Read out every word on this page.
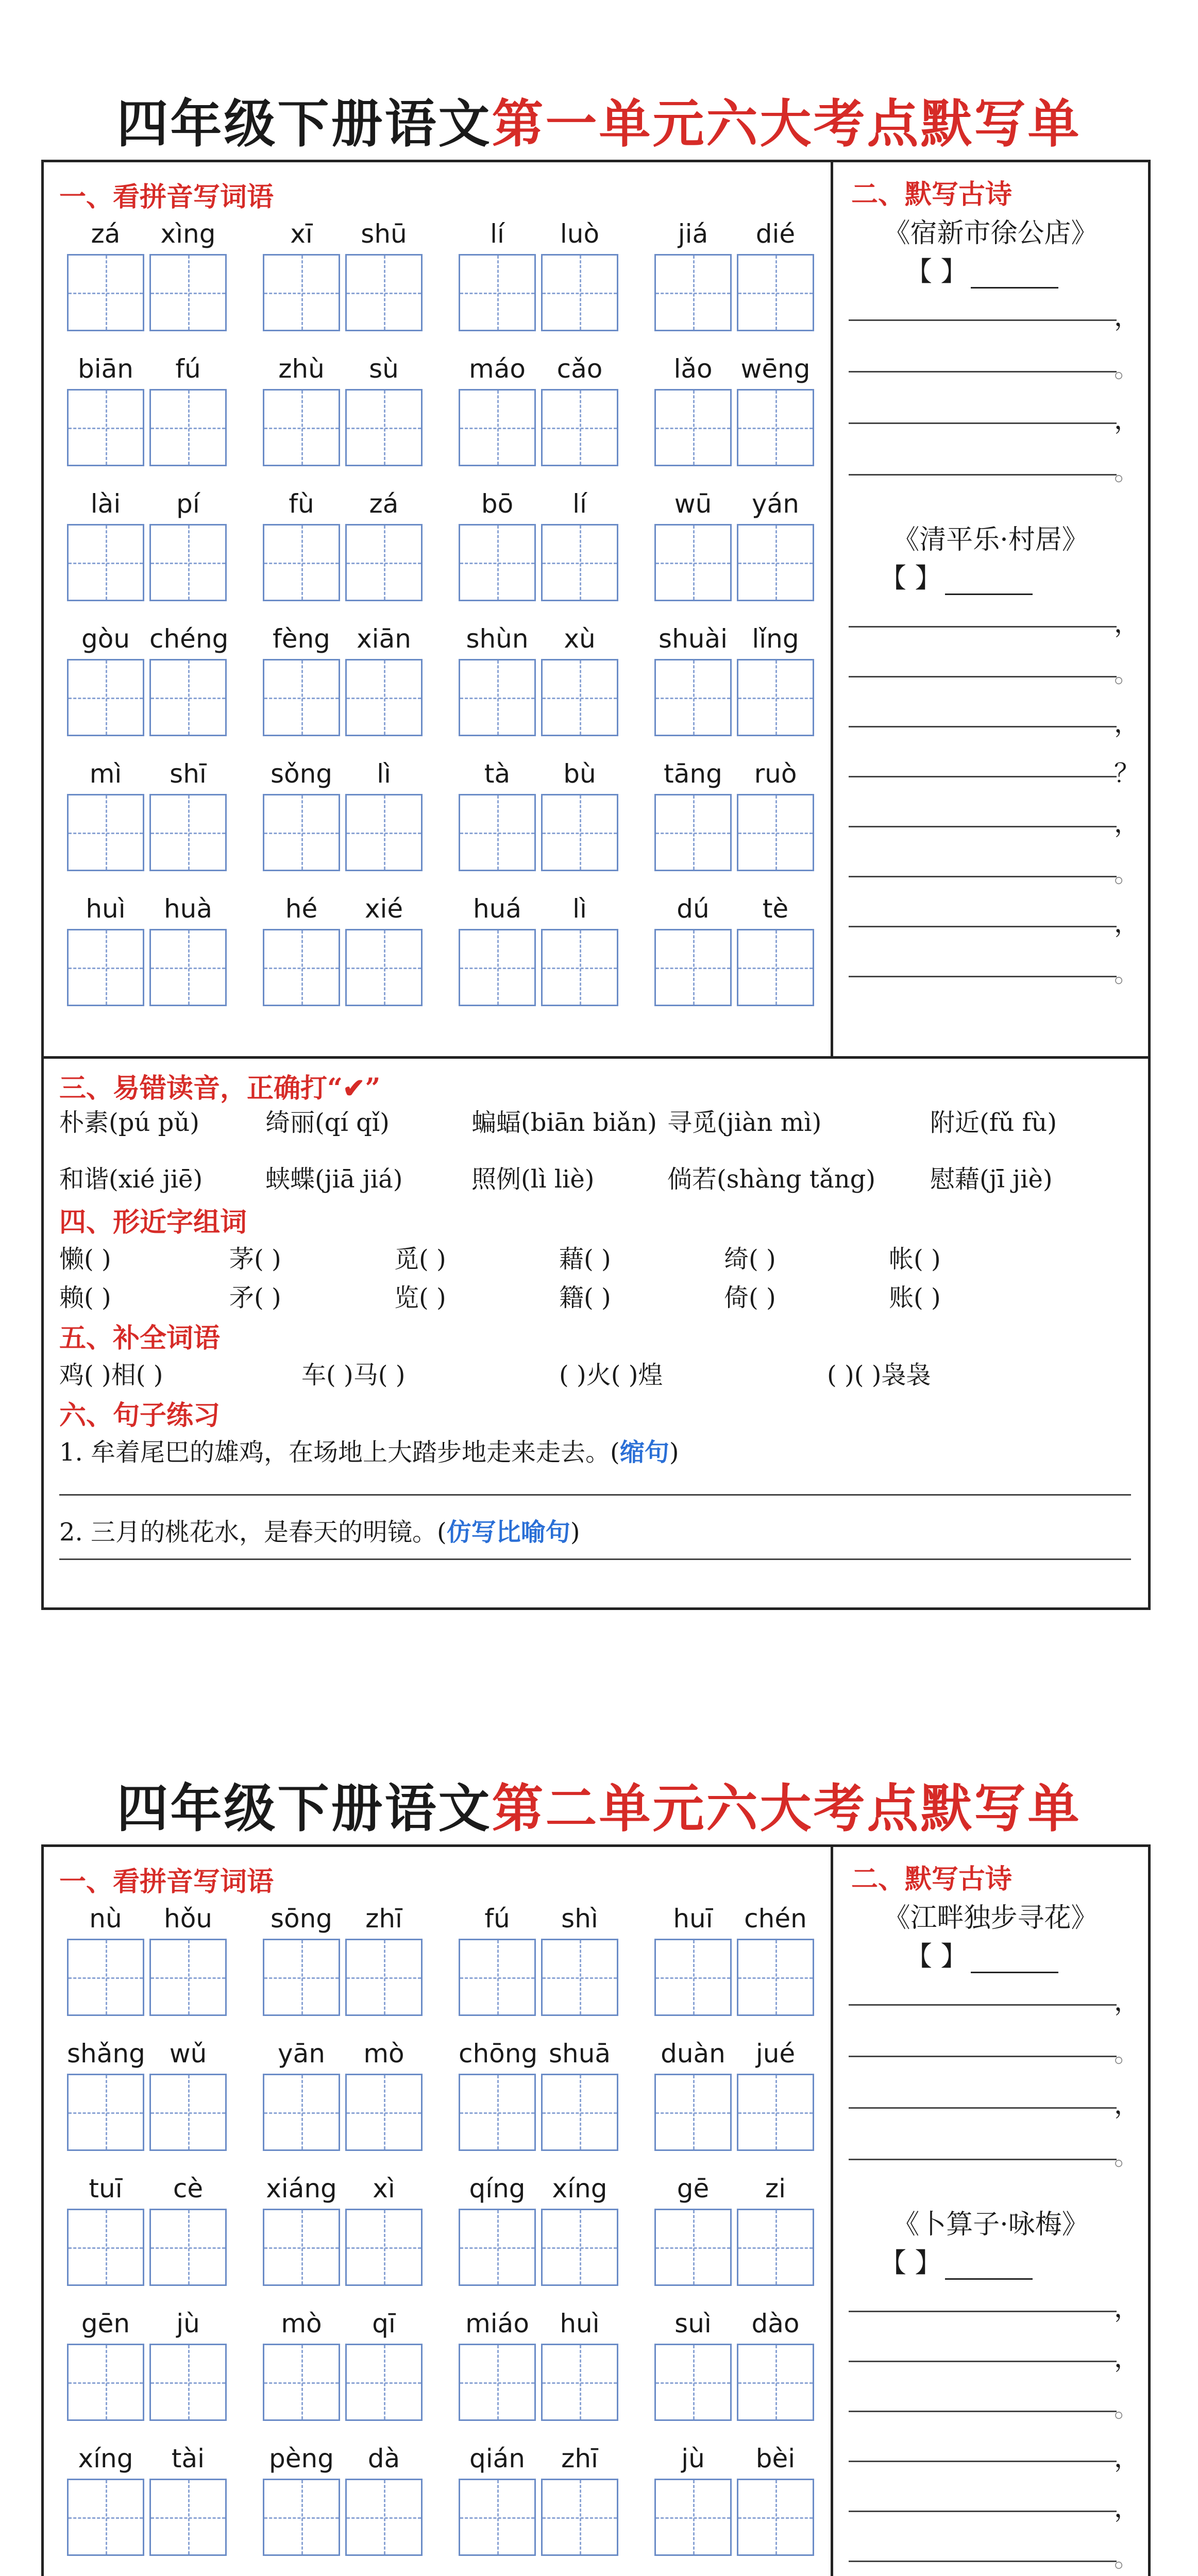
四年级下册语文第一单元六大考点默写单
一、看拼音写词语
zá	xìng	xī	shū	lí	luò	jiá	dié
biān	fú	zhù	sù	máo	cǎo	lǎo	wēng
lài	pí	fù	zá	bō	lí	wū	yán
gòu chéng	fèng	xiān	shùn	xù	shuài lǐng
mì	shī	sǒng	lì	tà	bù	tāng	ruò
huì	huà	hé	xié	huá	lì	dú	tè
二、默写古诗
《宿新市徐公店》
【 】
，
。
，
。
《清平乐·村居》
【 】
，
。
，
？
，
。
，
。
三、易错读音，正确打“✔”
朴素(pú pǔ)	绮丽(qí qǐ)	蝙蝠(biān biǎn) 寻觅(jiàn mì)	附近(fǔ fù)
和谐(xié jiē)	蛱蝶(jiā jiá)	照例(lì liè)	倘若(shàng tǎng) 慰藉(jī jiè)
四、形近字组词
懒( )	茅( )	觅( )	藉( )	绮( )	帐( )
赖( )	矛( )	览( )	籍( )	倚( )	账( )
五、补全词语
鸡( )相( )	车( )马( )	( )火( )煌	( )( )袅袅
六、句子练习
1. 牟着尾巴的雄鸡，在场地上大踏步地走来走去。(缩句)
2. 三月的桃花水，是春天的明镜。(仿写比喻句)
四年级下册语文第二单元六大考点默写单
一、看拼音写词语
nù	hǒu	sōng	zhī	fú	shì	huī	chén
shǎng wǔ	yān	mò	chōng shuā duàn	jué
tuī	cè	xiáng	xì	qíng	xíng	gē	zi
gēn	jù	mò	qī	miáo	huì	suì	dào
xíng	tài	pèng	dà	qián	zhī	jù	bèi
二、默写古诗
《江畔独步寻花》
【 】
，
。
，
。
《卜算子·咏梅》
【 】
，
，
。
，
，
。
